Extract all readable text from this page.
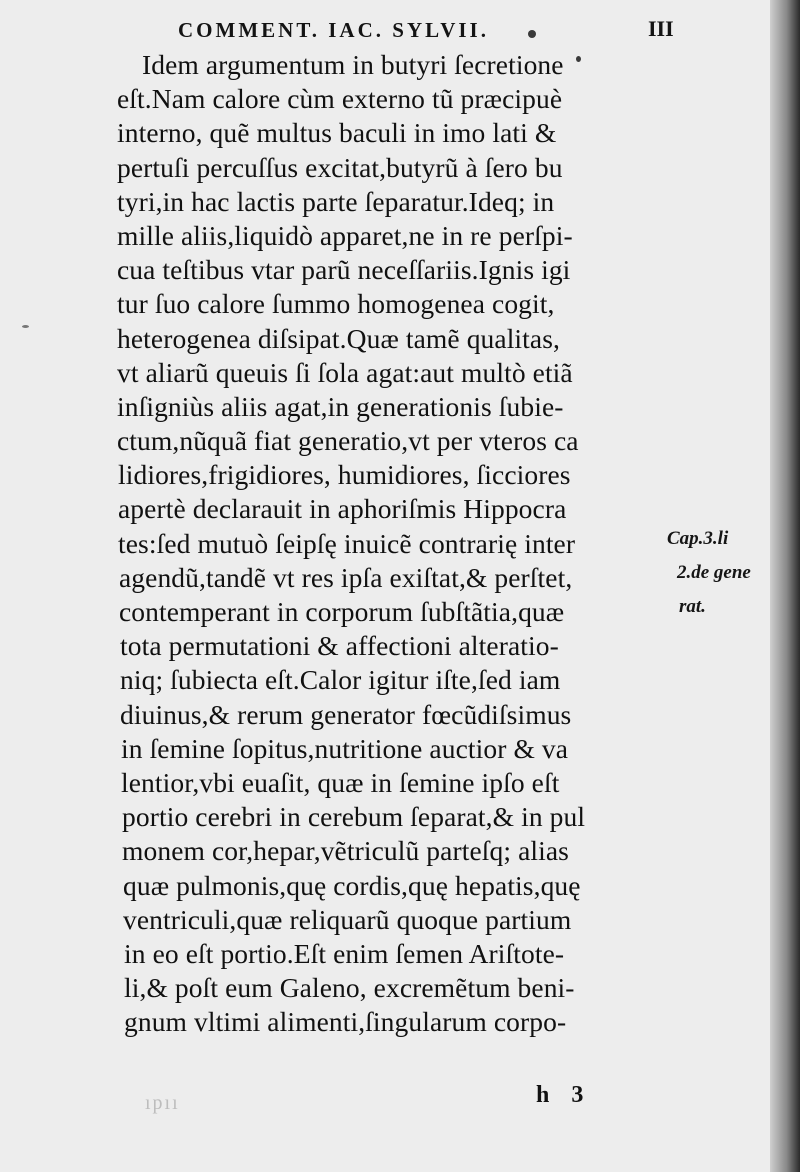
COMMENT. IAC. SYLVII.	III
Idem argumentum in butyri ſecretione
eſt.Nam calore cùm externo tũ præcipuè
interno, quẽ multus baculi in imo lati &
pertuſi percuſſus excitat,butyrũ à ſero bu
tyri,in hac lactis parte ſeparatur.Ideq; in
mille aliis,liquidò apparet,ne in re perſpi-
cua teſtibus vtar parũ neceſſariis.Ignis igi
tur ſuo calore ſummo homogenea cogit,
heterogenea diſsipat.Quæ tamẽ qualitas,
vt aliarũ queuis ſi ſola agat:aut multò etiã
inſigniùs aliis agat,in generationis ſubie-
ctum,nũquã fiat generatio,vt per vteros ca
lidiores,frigidiores, humidiores, ſicciores
apertè declarauit in aphoriſmis Hippocra
tes:ſed mutuò ſeipſę inuicẽ contrarię inter
agendũ,tandẽ vt res ipſa exiſtat,& perſtet,
contemperant in corporum ſubſtãtia,quæ
tota permutationi & affectioni alteratio-
niq; ſubiecta eſt.Calor igitur iſte,ſed iam
diuinus,& rerum generator fœcũdiſsimus
in ſemine ſopitus,nutritione auctior & va
lentior,vbi euaſit, quæ in ſemine ipſo eſt
portio cerebri in cerebum ſeparat,& in pul
monem cor,hepar,vẽtriculũ parteſq; alias
quæ pulmonis,quę cordis,quę hepatis,quę
ventriculi,quæ reliquarũ quoque partium
in eo eſt portio.Eſt enim ſemen Ariſtote-
li,& poſt eum Galeno, excremẽtum beni-
gnum vltimi alimenti,ſingularum corpo-
Cap.3.li
2.de gene
rat.
ıpıı	h 3
